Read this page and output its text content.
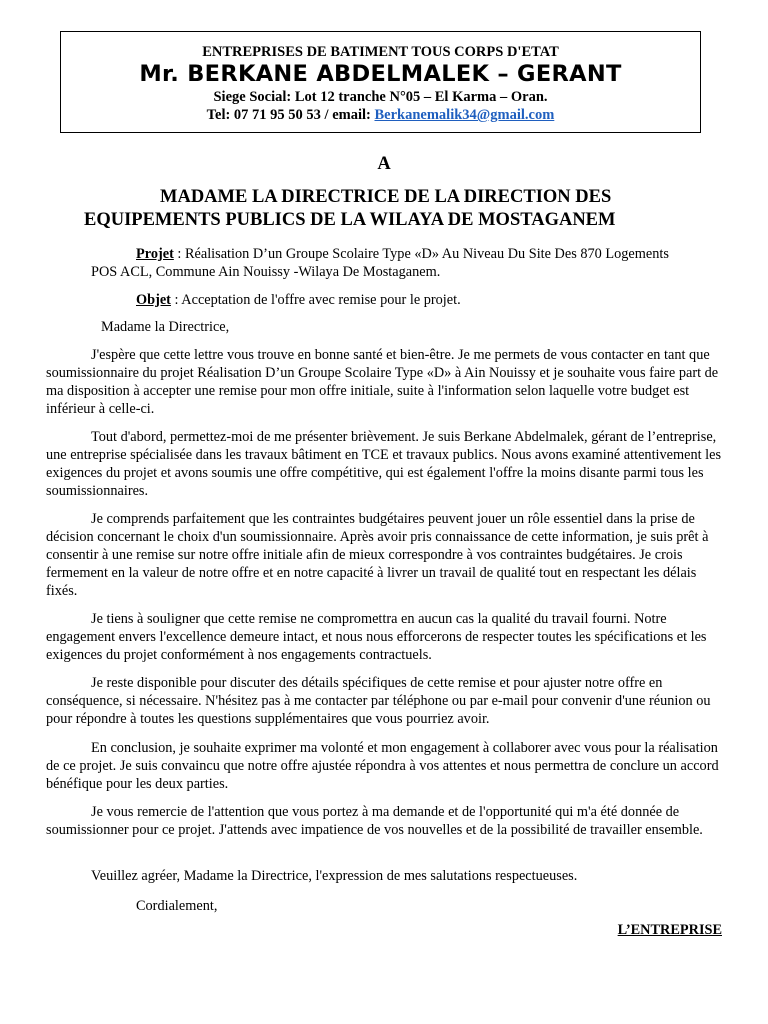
ENTREPRISES DE BATIMENT TOUS CORPS D'ETAT
Mr. BERKANE ABDELMALEK – GERANT
Siege Social: Lot 12 tranche N°05 – El Karma – Oran.
Tel: 07 71 95 50 53 / email: Berkanemalik34@gmail.com
A
MADAME LA DIRECTRICE DE LA DIRECTION DES
EQUIPEMENTS PUBLICS DE LA WILAYA DE MOSTAGANEM
Projet : Réalisation D’un Groupe Scolaire Type «D» Au Niveau Du Site Des 870 Logements
POS ACL, Commune Ain Nouissy -Wilaya De Mostaganem.
Objet : Acceptation de l'offre avec remise pour le projet.
Madame la Directrice,

J'espère que cette lettre vous trouve en bonne santé et bien-être. Je me permets de vous contacter en tant que soumissionnaire du projet Réalisation D’un Groupe Scolaire Type «D» à Ain Nouissy et je souhaite vous faire part de ma disposition à accepter une remise pour mon offre initiale, suite à l'information selon laquelle votre budget est inférieur à celle-ci.

Tout d'abord, permettez-moi de me présenter brièvement. Je suis Berkane Abdelmalek, gérant de l’entreprise, une entreprise spécialisée dans les travaux bâtiment en TCE et travaux publics. Nous avons examiné attentivement les exigences du projet et avons soumis une offre compétitive, qui est également l'offre la moins disante parmi tous les soumissionnaires.

Je comprends parfaitement que les contraintes budgétaires peuvent jouer un rôle essentiel dans la prise de décision concernant le choix d'un soumissionnaire. Après avoir pris connaissance de cette information, je suis prêt à consentir à une remise sur notre offre initiale afin de mieux correspondre à vos contraintes budgétaires. Je crois fermement en la valeur de notre offre et en notre capacité à livrer un travail de qualité tout en respectant les délais fixés.

Je tiens à souligner que cette remise ne compromettra en aucun cas la qualité du travail fourni. Notre engagement envers l'excellence demeure intact, et nous nous efforcerons de respecter toutes les spécifications et les exigences du projet conformément à nos engagements contractuels.

Je reste disponible pour discuter des détails spécifiques de cette remise et pour ajuster notre offre en conséquence, si nécessaire. N'hésitez pas à me contacter par téléphone ou par e-mail pour convenir d'une réunion ou pour répondre à toutes les questions supplémentaires que vous pourriez avoir.

En conclusion, je souhaite exprimer ma volonté et mon engagement à collaborer avec vous pour la réalisation de ce projet. Je suis convaincu que notre offre ajustée répondra à vos attentes et nous permettra de conclure un accord bénéfique pour les deux parties.

Je vous remercie de l'attention que vous portez à ma demande et de l'opportunité qui m'a été donnée de soumissionner pour ce projet. J'attends avec impatience de vos nouvelles et de la possibilité de travailler ensemble.

Veuillez agréer, Madame la Directrice, l'expression de mes salutations respectueuses.

Cordialement,
L’ENTREPRISE
